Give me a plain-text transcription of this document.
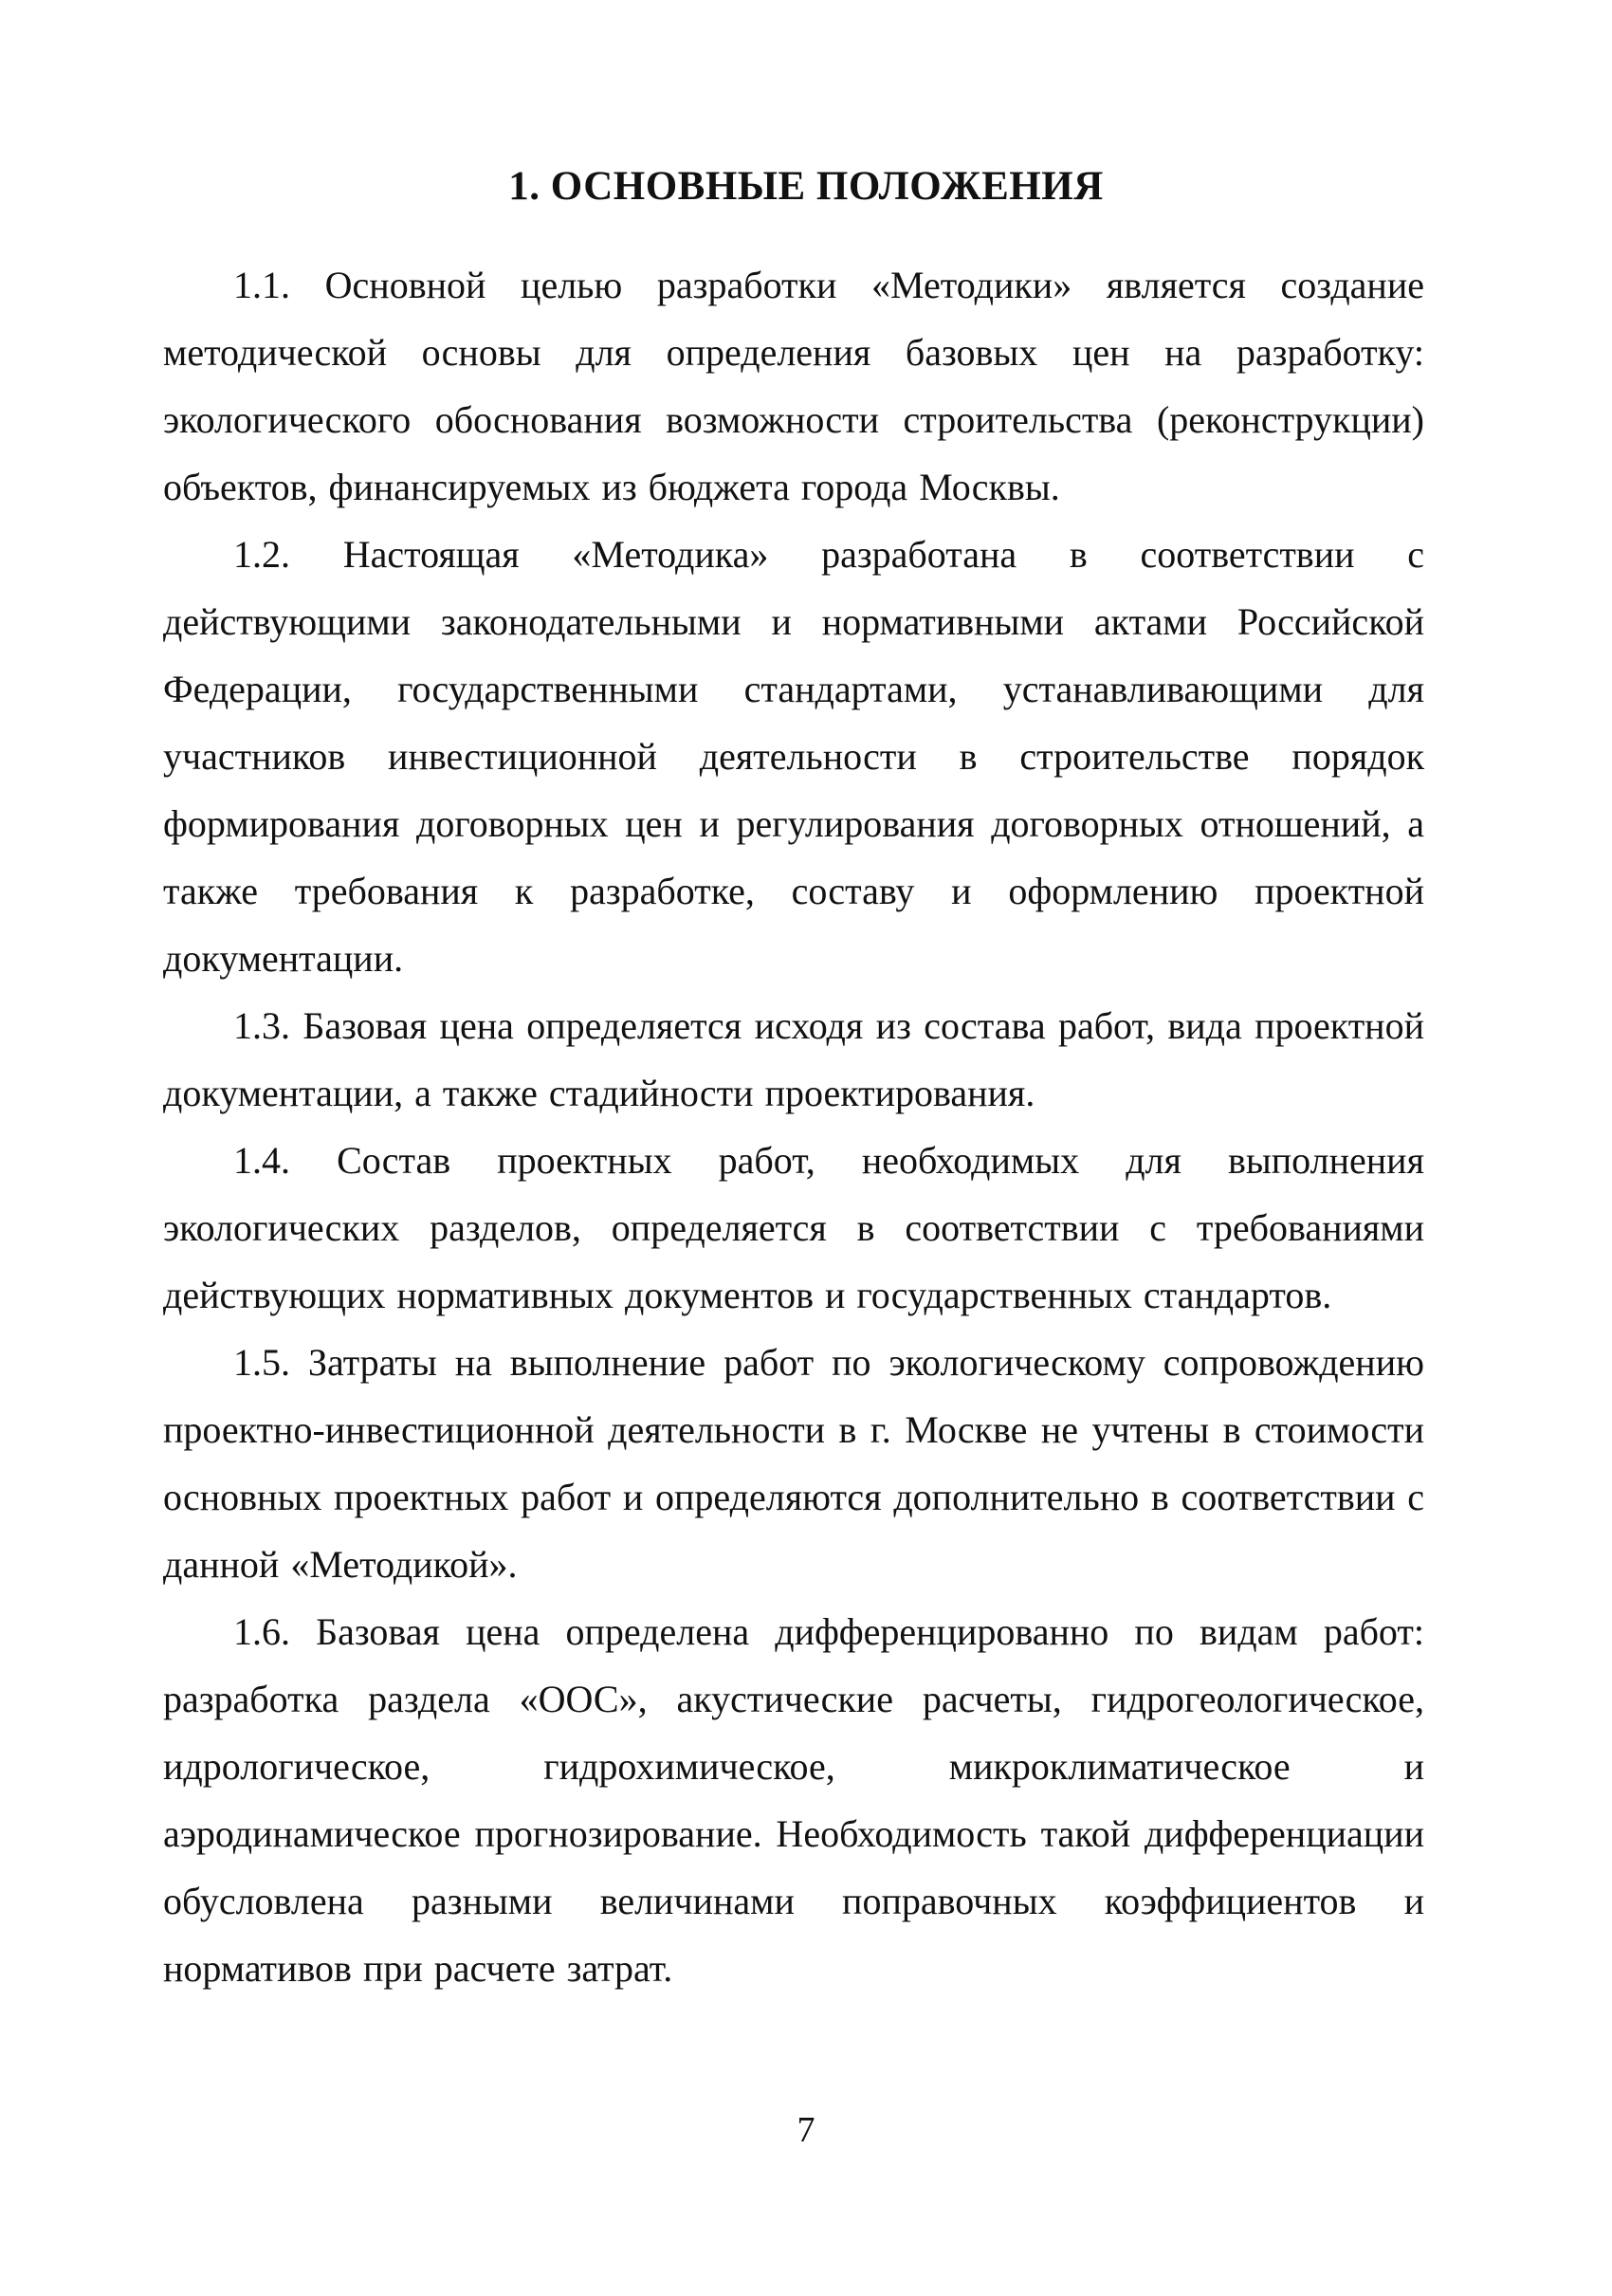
1. ОСНОВНЫЕ ПОЛОЖЕНИЯ

1.1. Основной целью разработки «Методики» является создание методической основы для определения базовых цен на разработку: экологического обоснования возможности строительства (реконструкции) объектов, финансируемых из бюджета города Москвы.

1.2. Настоящая «Методика» разработана в соответствии с действующими законодательными и нормативными актами Российской Федерации, государственными стандартами, устанавливающими для участников инвестиционной деятельности в строительстве порядок формирования договорных цен и регулирования договорных отношений, а также требования к разработке, составу и оформлению проектной документации.

1.3. Базовая цена определяется исходя из состава работ, вида проектной документации, а также стадийности проектирования.

1.4. Состав проектных работ, необходимых для выполнения экологических разделов, определяется в соответствии с требованиями действующих нормативных документов и государственных стандартов.

1.5. Затраты на выполнение работ по экологическому сопровождению проектно-инвестиционной деятельности в г. Москве не учтены в стоимости основных проектных работ и определяются дополнительно в соответствии с данной «Методикой».

1.6. Базовая цена определена дифференцированно по видам работ: разработка раздела «ООС», акустические расчеты, гидрогеологическое, идрологическое, гидрохимическое, микроклиматическое и аэродинамическое прогнозирование. Необходимость такой дифференциации обусловлена разными величинами поправочных коэффициентов и нормативов при расчете затрат.

7
